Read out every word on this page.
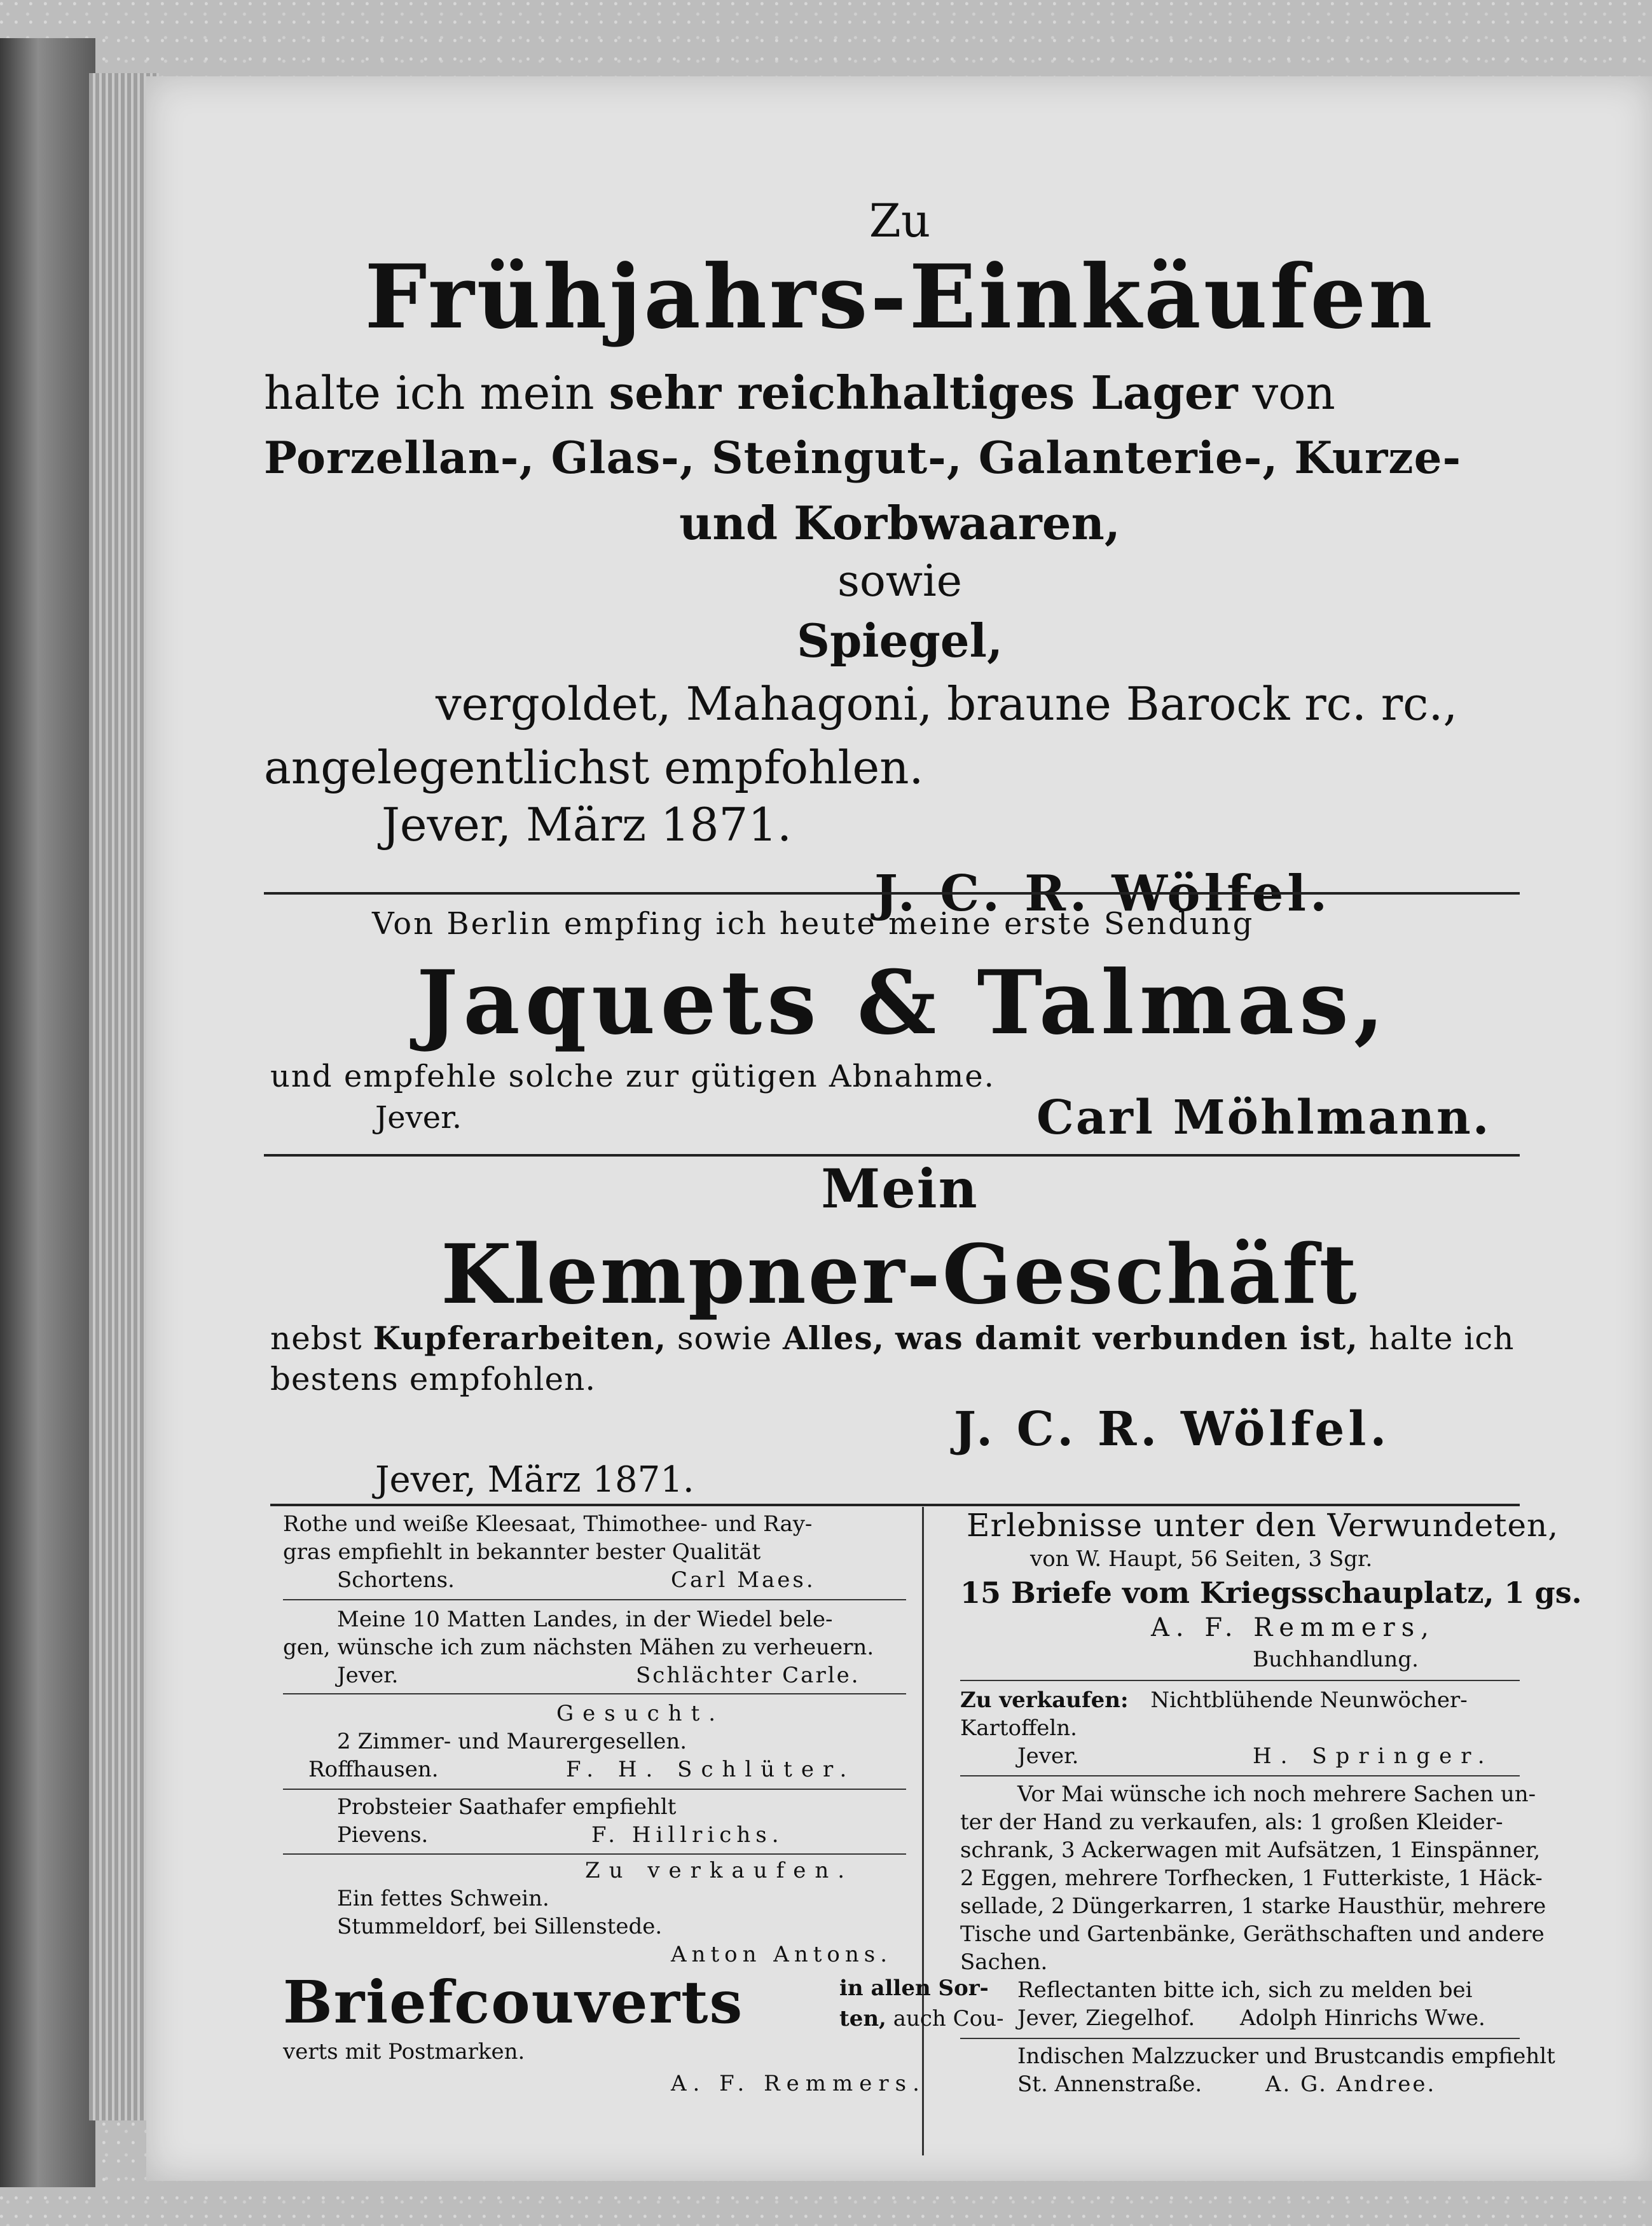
Zu
Frühjahrs-Einkäufen
halte ich mein sehr reichhaltiges Lager von
Porzellan-, Glas-, Steingut-, Galanterie-, Kurze-
und Korbwaaren,
sowie
Spiegel,
vergoldet, Mahagoni, braune Barock rc. rc.,
angelegentlichst empfohlen.
Jever, März 1871.
J. C. R. Wölfel.
Von Berlin empfing ich heute meine erste Sendung
Jaquets & Talmas,
und empfehle solche zur gütigen Abnahme.
Jever.	Carl Möhlmann.
Mein
Klempner-Geschäft
nebst Kupferarbeiten, sowie Alles, was damit verbunden ist, halte ich
bestens empfohlen.
J. C. R. Wölfel.
Jever, März 1871.
Rothe und weiße Kleesaat, Thimothee- und Ray-
gras empfiehlt in bekannter bester Qualität
Schortens.	Carl Maes.
Meine 10 Matten Landes, in der Wiedel bele-
gen, wünsche ich zum nächsten Mähen zu verheuern.
Jever.	Schlächter Carle.
Gesucht.
2 Zimmer- und Maurergesellen.
Roffhausen.	F. H. Schlüter.
Probsteier Saathafer empfiehlt
Pievens.	F. Hillrichs.
Zu verkaufen.
Ein fettes Schwein.
Stummeldorf, bei Sillenstede.
Anton Antons.
Briefcouverts	in allen Sor-
ten, auch Cou-
verts mit Postmarken.
A. F. Remmers.
Erlebnisse unter den Verwundeten,
von W. Haupt, 56 Seiten, 3 Sgr.
15 Briefe vom Kriegsschauplatz, 1 gs.
A. F. Remmers,
Buchhandlung.
Zu verkaufen: Nichtblühende Neunwöcher-
Kartoffeln.
Jever.	H. Springer.
Vor Mai wünsche ich noch mehrere Sachen un-
ter der Hand zu verkaufen, als: 1 großen Kleider-
schrank, 3 Ackerwagen mit Aufsätzen, 1 Einspänner,
2 Eggen, mehrere Torfhecken, 1 Futterkiste, 1 Häck-
sellade, 2 Düngerkarren, 1 starke Hausthür, mehrere
Tische und Gartenbänke, Geräthschaften und andere
Sachen.
Reflectanten bitte ich, sich zu melden bei
Jever, Ziegelhof. Adolph Hinrichs Wwe.
Indischen Malzzucker und Brustcandis empfiehlt
St. Annenstraße.	A. G. Andree.
